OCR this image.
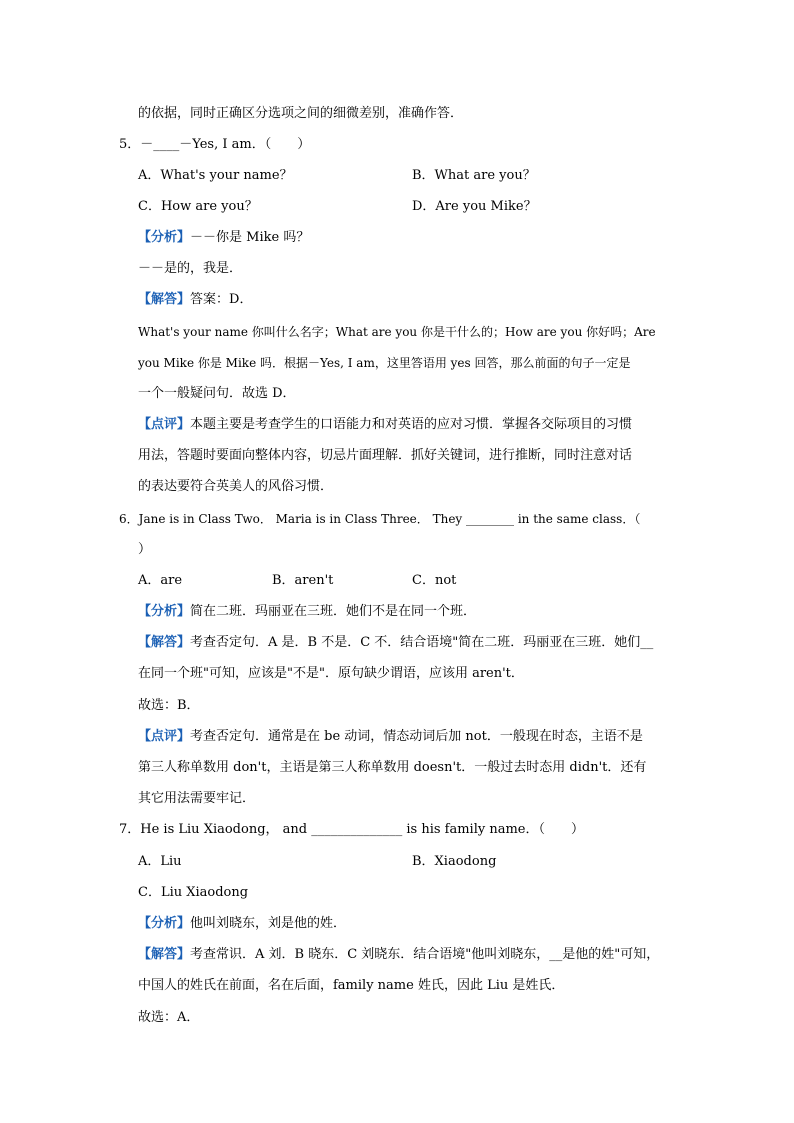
的依据，同时正确区分选项之间的细微差别，准确作答．
5．－____－Yes, I am．（　　）
A．What's your name？	B．What are you？
C．How are you？	D．Are you Mike？
【分析】－－你是 Mike 吗？
－－是的，我是．
【解答】答案：D．
What's your name 你叫什么名字；What are you 你是干什么的；How are you 你好吗；Are
you Mike 你是 Mike 吗．根据－Yes, I am，这里答语用 yes 回答，那么前面的句子一定是
一个一般疑问句．故选 D．
【点评】本题主要是考查学生的口语能力和对英语的应对习惯．掌握各交际项目的习惯
用法，答题时要面向整体内容，切忌片面理解．抓好关键词，进行推断，同时注意对话
的表达要符合英美人的风俗习惯．
6．Jane is in Class Two． Maria is in Class Three． They ________ in the same class．（
）
A．are	B．aren't	C．not
【分析】简在二班．玛丽亚在三班．她们不是在同一个班．
【解答】考查否定句．A 是．B 不是．C 不．结合语境"简在二班．玛丽亚在三班．她们__
在同一个班"可知，应该是"不是"．原句缺少谓语，应该用 aren't．
故选：B．
【点评】考查否定句．通常是在 be 动词，情态动词后加 not．一般现在时态，主语不是
第三人称单数用 don't，主语是第三人称单数用 doesn't．一般过去时态用 didn't．还有
其它用法需要牢记．
7．He is Liu Xiaodong， and ______________ is his family name．（　　）
A．Liu	B．Xiaodong
C．Liu Xiaodong
【分析】他叫刘晓东，刘是他的姓．
【解答】考查常识．A 刘．B 晓东．C 刘晓东．结合语境"他叫刘晓东，__是他的姓"可知，
中国人的姓氏在前面，名在后面，family name 姓氏，因此 Liu 是姓氏．
故选：A．
